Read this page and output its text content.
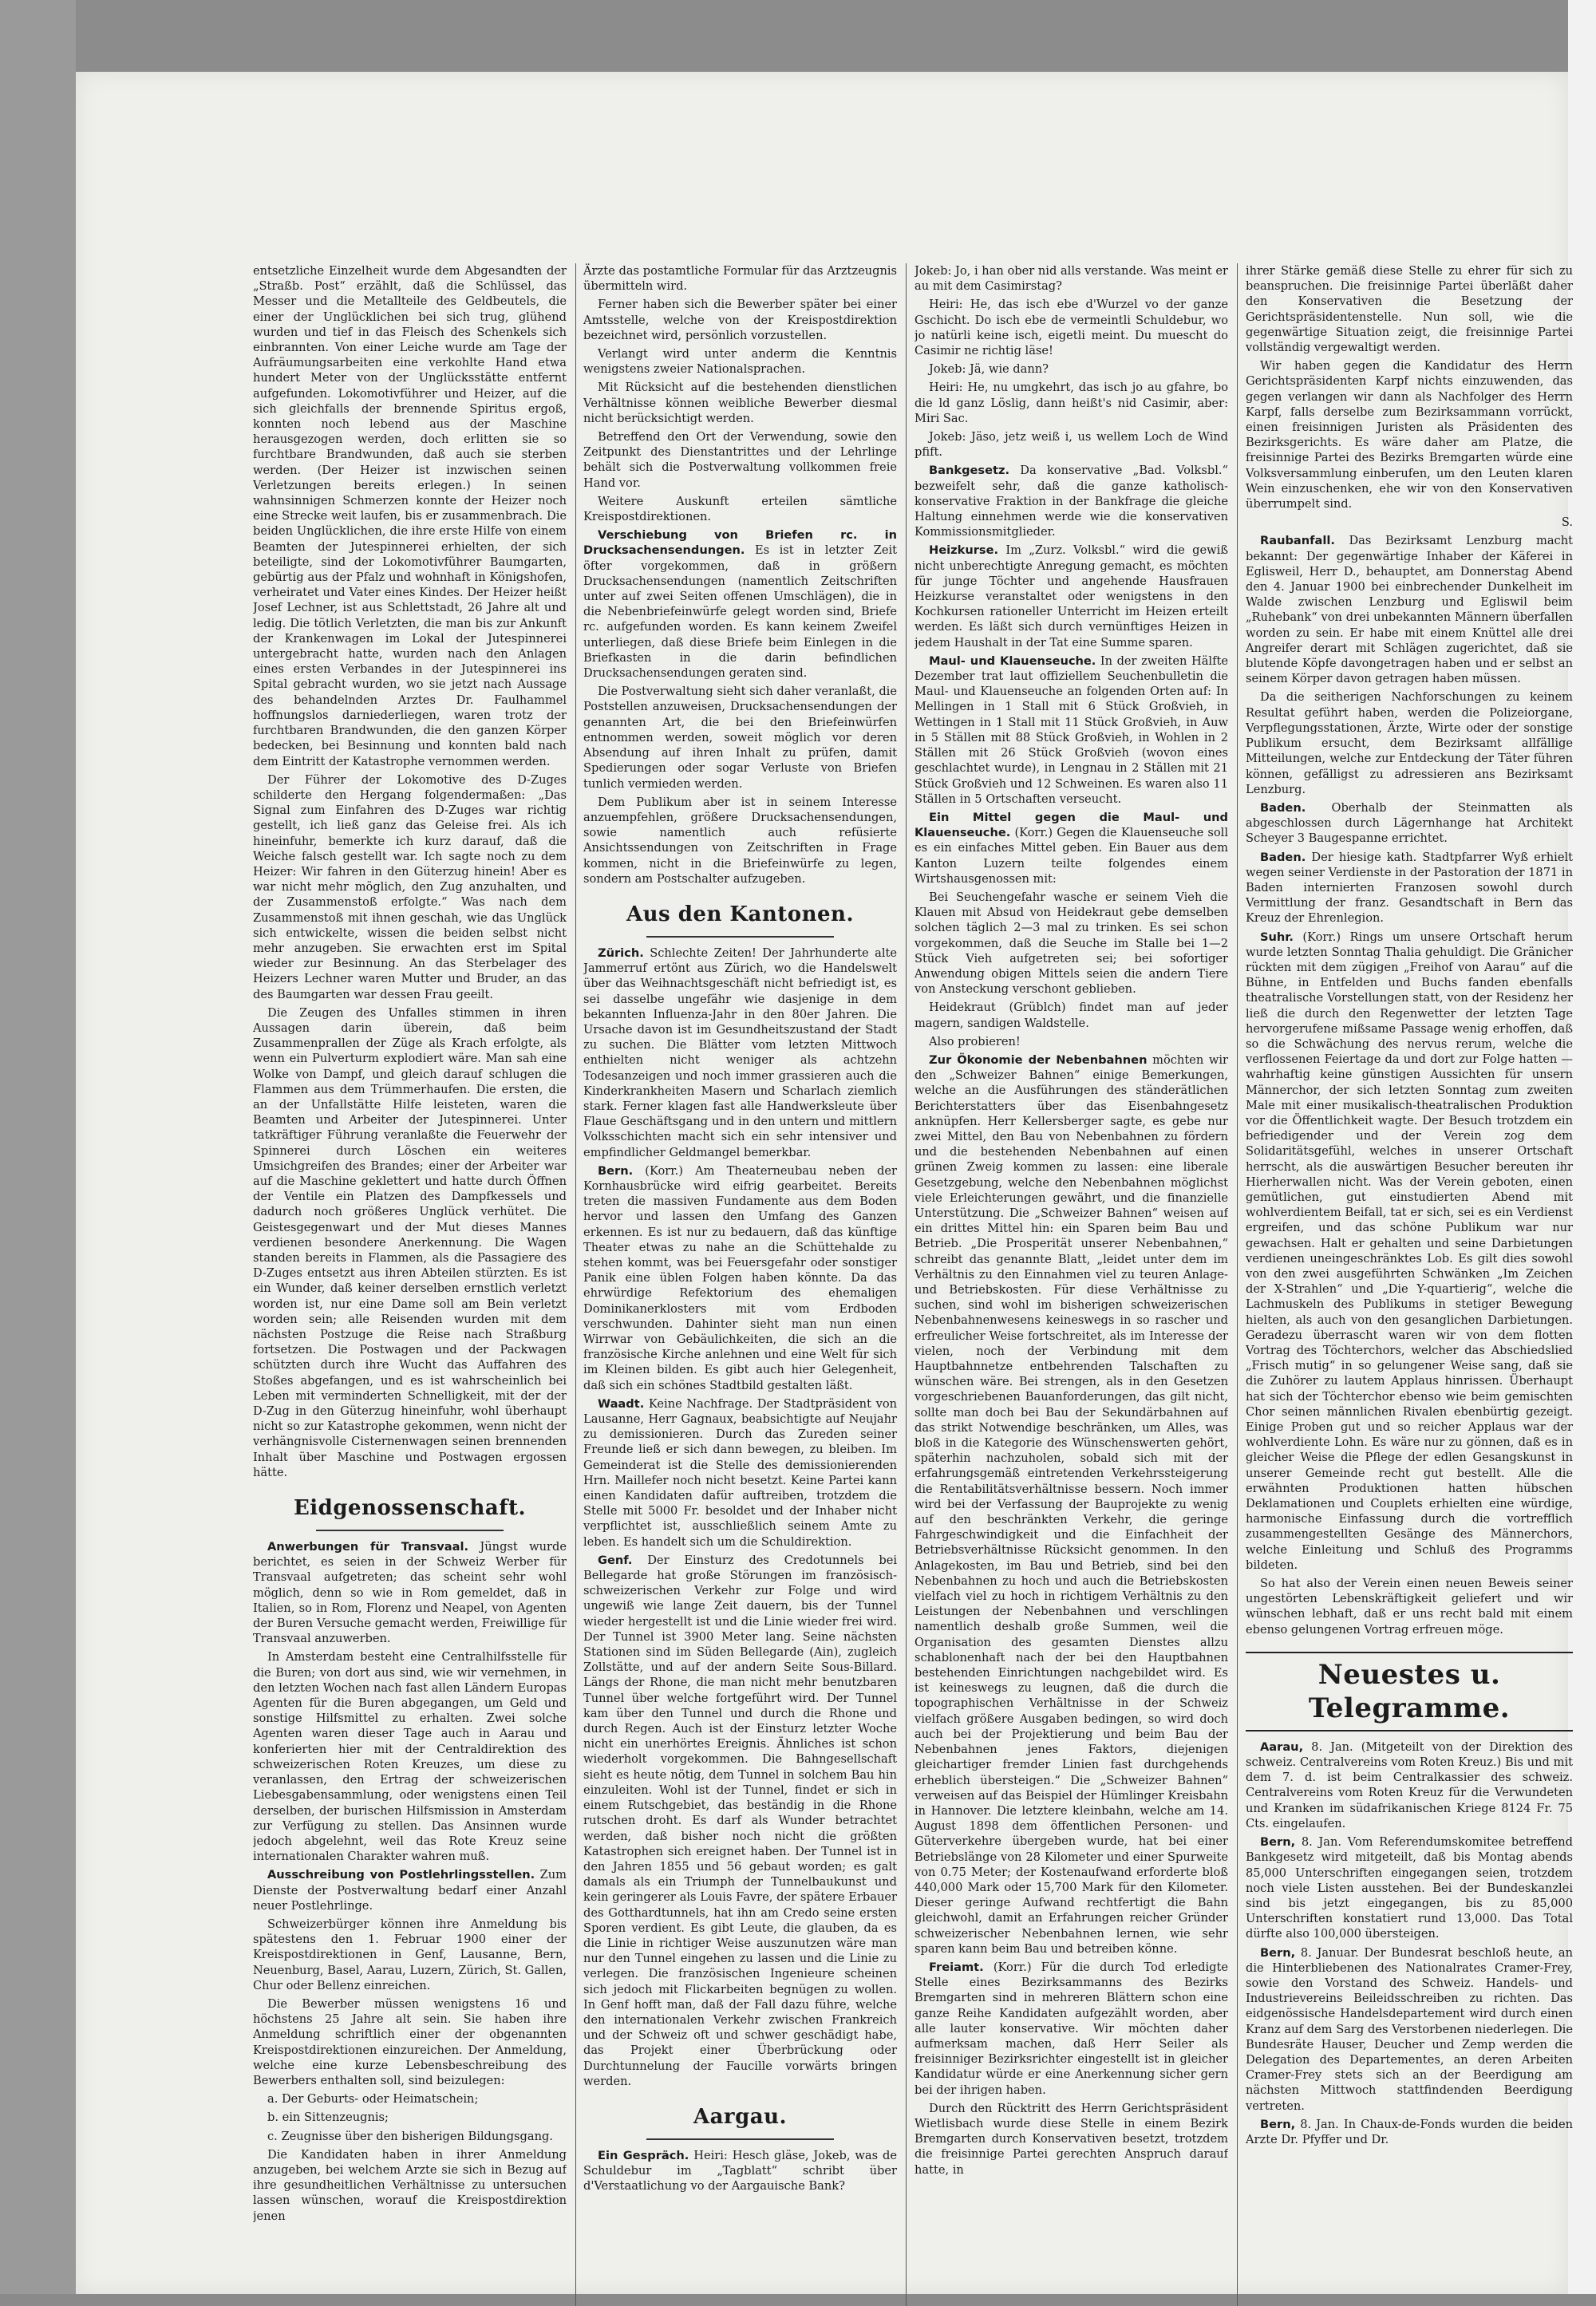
entsetzliche Einzelheit wurde dem Abgesandten der „Straßb. Post“ erzählt, daß die Schlüssel, das Messer und die Metallteile des Geldbeutels, die einer der Unglücklichen bei sich trug, glühend wurden und tief in das Fleisch des Schenkels sich einbrannten. Von einer Leiche wurde am Tage der Aufräumungsarbeiten eine verkohlte Hand etwa hundert Meter von der Unglücksstätte entfernt aufgefunden. Lokomotivführer und Heizer, auf die sich gleichfalls der brennende Spiritus ergoß, konnten noch lebend aus der Maschine herausgezogen werden, doch erlitten sie so furchtbare Brandwunden, daß auch sie sterben werden. (Der Heizer ist inzwischen seinen Verletzungen bereits erlegen.) In seinen wahnsinnigen Schmerzen konnte der Heizer noch eine Strecke weit laufen, bis er zusammenbrach. Die beiden Unglücklichen, die ihre erste Hilfe von einem Beamten der Jutespinnerei erhielten, der sich beteiligte, sind der Lokomotivführer Baumgarten, gebürtig aus der Pfalz und wohnhaft in Königshofen, verheiratet und Vater eines Kindes. Der Heizer heißt Josef Lechner, ist aus Schlettstadt, 26 Jahre alt und ledig. Die tötlich Verletzten, die man bis zur Ankunft der Krankenwagen im Lokal der Jutespinnerei untergebracht hatte, wurden nach den Anlagen eines ersten Verbandes in der Jutespinnerei ins Spital gebracht wurden, wo sie jetzt nach Aussage des behandelnden Arztes Dr. Faulhammel hoffnungslos darniederliegen, waren trotz der furchtbaren Brandwunden, die den ganzen Körper bedecken, bei Besinnung und konnten bald nach dem Eintritt der Katastrophe vernommen werden.

Der Führer der Lokomotive des D-Zuges schilderte den Hergang folgendermaßen: „Das Signal zum Einfahren des D-Zuges war richtig gestellt, ich ließ ganz das Geleise frei. Als ich hineinfuhr, bemerkte ich kurz darauf, daß die Weiche falsch gestellt war. Ich sagte noch zu dem Heizer: Wir fahren in den Güterzug hinein! Aber es war nicht mehr möglich, den Zug anzuhalten, und der Zusammenstoß erfolgte.“ Was nach dem Zusammenstoß mit ihnen geschah, wie das Unglück sich entwickelte, wissen die beiden selbst nicht mehr anzugeben. Sie erwachten erst im Spital wieder zur Besinnung. An das Sterbelager des Heizers Lechner waren Mutter und Bruder, an das des Baumgarten war dessen Frau geeilt.

Die Zeugen des Unfalles stimmen in ihren Aussagen darin überein, daß beim Zusammenprallen der Züge als Krach erfolgte, als wenn ein Pulverturm explodiert wäre. Man sah eine Wolke von Dampf, und gleich darauf schlugen die Flammen aus dem Trümmerhaufen. Die ersten, die an der Unfallstätte Hilfe leisteten, waren die Beamten und Arbeiter der Jutespinnerei. Unter tatkräftiger Führung veranlaßte die Feuerwehr der Spinnerei durch Löschen ein weiteres Umsichgreifen des Brandes; einer der Arbeiter war auf die Maschine geklettert und hatte durch Öffnen der Ventile ein Platzen des Dampfkessels und dadurch noch größeres Unglück verhütet. Die Geistesgegenwart und der Mut dieses Mannes verdienen besondere Anerkennung. Die Wagen standen bereits in Flammen, als die Passagiere des D-Zuges entsetzt aus ihren Abteilen stürzten. Es ist ein Wunder, daß keiner derselben ernstlich verletzt worden ist, nur eine Dame soll am Bein verletzt worden sein; alle Reisenden wurden mit dem nächsten Postzuge die Reise nach Straßburg fortsetzen. Die Postwagen und der Packwagen schützten durch ihre Wucht das Auffahren des Stoßes abgefangen, und es ist wahrscheinlich bei Leben mit verminderten Schnelligkeit, mit der der D-Zug in den Güterzug hineinfuhr, wohl überhaupt nicht so zur Katastrophe gekommen, wenn nicht der verhängnisvolle Cisternenwagen seinen brennenden Inhalt über Maschine und Postwagen ergossen hätte.

Eidgenossenschaft.

Anwerbungen für Transvaal. Jüngst wurde berichtet, es seien in der Schweiz Werber für Transvaal aufgetreten; das scheint sehr wohl möglich, denn so wie in Rom gemeldet, daß in Italien, so in Rom, Florenz und Neapel, von Agenten der Buren Versuche gemacht werden, Freiwillige für Transvaal anzuwerben.

In Amsterdam besteht eine Centralhilfsstelle für die Buren; von dort aus sind, wie wir vernehmen, in den letzten Wochen nach fast allen Ländern Europas Agenten für die Buren abgegangen, um Geld und sonstige Hilfsmittel zu erhalten. Zwei solche Agenten waren dieser Tage auch in Aarau und konferierten hier mit der Centraldirektion des schweizerischen Roten Kreuzes, um diese zu veranlassen, den Ertrag der schweizerischen Liebesgabensammlung, oder wenigstens einen Teil derselben, der burischen Hilfsmission in Amsterdam zur Verfügung zu stellen. Das Ansinnen wurde jedoch abgelehnt, weil das Rote Kreuz seine internationalen Charakter wahren muß.

Ausschreibung von Postlehrlingsstellen. Zum Dienste der Postverwaltung bedarf einer Anzahl neuer Postlehrlinge.

Schweizerbürger können ihre Anmeldung bis spätestens den 1. Februar 1900 einer der Kreispostdirektionen in Genf, Lausanne, Bern, Neuenburg, Basel, Aarau, Luzern, Zürich, St. Gallen, Chur oder Bellenz einreichen.

Die Bewerber müssen wenigstens 16 und höchstens 25 Jahre alt sein. Sie haben ihre Anmeldung schriftlich einer der obgenannten Kreispostdirektionen einzureichen. Der Anmeldung, welche eine kurze Lebensbeschreibung des Bewerbers enthalten soll, sind beizulegen:

a. Der Geburts- oder Heimatschein;

b. ein Sittenzeugnis;

c. Zeugnisse über den bisherigen Bildungsgang.

Die Kandidaten haben in ihrer Anmeldung anzugeben, bei welchem Arzte sie sich in Bezug auf ihre gesundheitlichen Verhältnisse zu untersuchen lassen wünschen, worauf die Kreispostdirektion jenen

Ärzte das postamtliche Formular für das Arztzeugnis übermitteln wird.

Ferner haben sich die Bewerber später bei einer Amtsstelle, welche von der Kreispostdirektion bezeichnet wird, persönlich vorzustellen.

Verlangt wird unter anderm die Kenntnis wenigstens zweier Nationalsprachen.

Mit Rücksicht auf die bestehenden dienstlichen Verhältnisse können weibliche Bewerber diesmal nicht berücksichtigt werden.

Betreffend den Ort der Verwendung, sowie den Zeitpunkt des Dienstantrittes und der Lehrlinge behält sich die Postverwaltung vollkommen freie Hand vor.

Weitere Auskunft erteilen sämtliche Kreispostdirektionen.

Verschiebung von Briefen rc. in Drucksachensendungen. Es ist in letzter Zeit öfter vorgekommen, daß in größern Drucksachensendungen (namentlich Zeitschriften unter auf zwei Seiten offenen Umschlägen), die in die Nebenbriefeinwürfe gelegt worden sind, Briefe rc. aufgefunden worden. Es kann keinem Zweifel unterliegen, daß diese Briefe beim Einlegen in die Briefkasten in die darin befindlichen Drucksachensendungen geraten sind.

Die Postverwaltung sieht sich daher veranlaßt, die Poststellen anzuweisen, Drucksachensendungen der genannten Art, die bei den Briefeinwürfen entnommen werden, soweit möglich vor deren Absendung auf ihren Inhalt zu prüfen, damit Spedierungen oder sogar Verluste von Briefen tunlich vermieden werden.

Dem Publikum aber ist in seinem Interesse anzuempfehlen, größere Drucksachensendungen, sowie namentlich auch refüsierte Ansichtssendungen von Zeitschriften in Frage kommen, nicht in die Briefeinwürfe zu legen, sondern am Postschalter aufzugeben.

Aus den Kantonen.

Zürich. Schlechte Zeiten! Der Jahrhunderte alte Jammerruf ertönt aus Zürich, wo die Handelswelt über das Weihnachtsgeschäft nicht befriedigt ist, es sei dasselbe ungefähr wie dasjenige in dem bekannten Influenza-Jahr in den 80er Jahren. Die Ursache davon ist im Gesundheitszustand der Stadt zu suchen. Die Blätter vom letzten Mittwoch enthielten nicht weniger als achtzehn Todesanzeigen und noch immer grassieren auch die Kinderkrankheiten Masern und Scharlach ziemlich stark. Ferner klagen fast alle Handwerksleute über Flaue Geschäftsgang und in den untern und mittlern Volksschichten macht sich ein sehr intensiver und empfindlicher Geldmangel bemerkbar.

Bern. (Korr.) Am Theaterneubau neben der Kornhausbrücke wird eifrig gearbeitet. Bereits treten die massiven Fundamente aus dem Boden hervor und lassen den Umfang des Ganzen erkennen. Es ist nur zu bedauern, daß das künftige Theater etwas zu nahe an die Schüttehalde zu stehen kommt, was bei Feuersgefahr oder sonstiger Panik eine üblen Folgen haben könnte. Da das ehrwürdige Refektorium des ehemaligen Dominikanerklosters mit vom Erdboden verschwunden. Dahinter sieht man nun einen Wirrwar von Gebäulichkeiten, die sich an die französische Kirche anlehnen und eine Welt für sich im Kleinen bilden. Es gibt auch hier Gelegenheit, daß sich ein schönes Stadtbild gestalten läßt.

Waadt. Keine Nachfrage. Der Stadtpräsident von Lausanne, Herr Gagnaux, beabsichtigte auf Neujahr zu demissionieren. Durch das Zureden seiner Freunde ließ er sich dann bewegen, zu bleiben. Im Gemeinderat ist die Stelle des demissionierenden Hrn. Maillefer noch nicht besetzt. Keine Partei kann einen Kandidaten dafür auftreiben, trotzdem die Stelle mit 5000 Fr. besoldet und der Inhaber nicht verpflichtet ist, ausschließlich seinem Amte zu leben. Es handelt sich um die Schuldirektion.

Genf. Der Einsturz des Credotunnels bei Bellegarde hat große Störungen im französisch-schweizerischen Verkehr zur Folge und wird ungewiß wie lange Zeit dauern, bis der Tunnel wieder hergestellt ist und die Linie wieder frei wird. Der Tunnel ist 3900 Meter lang. Seine nächsten Stationen sind im Süden Bellegarde (Ain), zugleich Zollstätte, und auf der andern Seite Sous-Billard. Längs der Rhone, die man nicht mehr benutzbaren Tunnel über welche fortgeführt wird. Der Tunnel kam über den Tunnel und durch die Rhone und durch Regen. Auch ist der Einsturz letzter Woche nicht ein unerhörtes Ereignis. Ähnliches ist schon wiederholt vorgekommen. Die Bahngesellschaft sieht es heute nötig, dem Tunnel in solchem Bau hin einzuleiten. Wohl ist der Tunnel, findet er sich in einem Rutschgebiet, das beständig in die Rhone rutschen droht. Es darf als Wunder betrachtet werden, daß bisher noch nicht die größten Katastrophen sich ereignet haben. Der Tunnel ist in den Jahren 1855 und 56 gebaut worden; es galt damals als ein Triumph der Tunnelbaukunst und kein geringerer als Louis Favre, der spätere Erbauer des Gotthardtunnels, hat ihn am Credo seine ersten Sporen verdient. Es gibt Leute, die glauben, da es die Linie in richtiger Weise auszunutzen wäre man nur den Tunnel eingehen zu lassen und die Linie zu verlegen. Die französischen Ingenieure scheinen sich jedoch mit Flickarbeiten begnügen zu wollen. In Genf hofft man, daß der Fall dazu führe, welche den internationalen Verkehr zwischen Frankreich und der Schweiz oft und schwer geschädigt habe, das Projekt einer Überbrückung oder Durchtunnelung der Faucille vorwärts bringen werden.

Aargau.

Ein Gespräch. Heiri: Hesch gläse, Jokeb, was de Schuldebur im „Tagblatt“ schribt über d'Verstaatlichung vo der Aargauische Bank?

Jokeb: Jo, i han ober nid alls verstande. Was meint er au mit dem Casimirstag?

Heiri: He, das isch ebe d'Wurzel vo der ganze Gschicht. Do isch ebe de vermeintli Schuldebur, wo jo natürli keine isch, eigetli meint. Du muescht do Casimir ne richtig läse!

Jokeb: Jä, wie dann?

Heiri: He, nu umgkehrt, das isch jo au gfahre, bo die ld ganz Löslig, dann heißt's nid Casimir, aber: Miri Sac.

Jokeb: Jäso, jetz weiß i, us wellem Loch de Wind pfift.

Bankgesetz. Da konservative „Bad. Volksbl.“ bezweifelt sehr, daß die ganze katholisch-konservative Fraktion in der Bankfrage die gleiche Haltung einnehmen werde wie die konservativen Kommissionsmitglieder.

Heizkurse. Im „Zurz. Volksbl.“ wird die gewiß nicht unberechtigte Anregung gemacht, es möchten für junge Töchter und angehende Hausfrauen Heizkurse veranstaltet oder wenigstens in den Kochkursen rationeller Unterricht im Heizen erteilt werden. Es läßt sich durch vernünftiges Heizen in jedem Haushalt in der Tat eine Summe sparen.

Maul- und Klauenseuche. In der zweiten Hälfte Dezember trat laut offiziellem Seuchenbulletin die Maul- und Klauenseuche an folgenden Orten auf: In Mellingen in 1 Stall mit 6 Stück Großvieh, in Wettingen in 1 Stall mit 11 Stück Großvieh, in Auw in 5 Ställen mit 88 Stück Großvieh, in Wohlen in 2 Ställen mit 26 Stück Großvieh (wovon eines geschlachtet wurde), in Lengnau in 2 Ställen mit 21 Stück Großvieh und 12 Schweinen. Es waren also 11 Ställen in 5 Ortschaften verseucht.

Ein Mittel gegen die Maul- und Klauenseuche. (Korr.) Gegen die Klauenseuche soll es ein einfaches Mittel geben. Ein Bauer aus dem Kanton Luzern teilte folgendes einem Wirtshausgenossen mit:

Bei Seuchengefahr wasche er seinem Vieh die Klauen mit Absud von Heidekraut gebe demselben solchen täglich 2—3 mal zu trinken. Es sei schon vorgekommen, daß die Seuche im Stalle bei 1—2 Stück Vieh aufgetreten sei; bei sofortiger Anwendung obigen Mittels seien die andern Tiere von Ansteckung verschont geblieben.

Heidekraut (Grüblch) findet man auf jeder magern, sandigen Waldstelle.

Also probieren!

Zur Ökonomie der Nebenbahnen möchten wir den „Schweizer Bahnen“ einige Bemerkungen, welche an die Ausführungen des ständerätlichen Berichterstatters über das Eisenbahngesetz anknüpfen. Herr Kellersberger sagte, es gebe nur zwei Mittel, den Bau von Nebenbahnen zu fördern und die bestehenden Nebenbahnen auf einen grünen Zweig kommen zu lassen: eine liberale Gesetzgebung, welche den Nebenbahnen möglichst viele Erleichterungen gewährt, und die finanzielle Unterstützung. Die „Schweizer Bahnen“ weisen auf ein drittes Mittel hin: ein Sparen beim Bau und Betrieb. „Die Prosperität unserer Nebenbahnen,“ schreibt das genannte Blatt, „leidet unter dem im Verhältnis zu den Einnahmen viel zu teuren Anlage- und Betriebskosten. Für diese Verhältnisse zu suchen, sind wohl im bisherigen schweizerischen Nebenbahnenwesens keineswegs in so rascher und erfreulicher Weise fortschreitet, als im Interesse der vielen, noch der Verbindung mit dem Hauptbahnnetze entbehrenden Talschaften zu wünschen wäre. Bei strengen, als in den Gesetzen vorgeschriebenen Bauanforderungen, das gilt nicht, sollte man doch bei Bau der Sekundärbahnen auf das strikt Notwendige beschränken, um Alles, was bloß in die Kategorie des Wünschenswerten gehört, späterhin nachzuholen, sobald sich mit der erfahrungsgemäß eintretenden Verkehrssteigerung die Rentabilitätsverhältnisse bessern. Noch immer wird bei der Verfassung der Bauprojekte zu wenig auf den beschränkten Verkehr, die geringe Fahrgeschwindigkeit und die Einfachheit der Betriebsverhältnisse Rücksicht genommen. In den Anlagekosten, im Bau und Betrieb, sind bei den Nebenbahnen zu hoch und auch die Betriebskosten vielfach viel zu hoch in richtigem Verhältnis zu den Leistungen der Nebenbahnen und verschlingen namentlich deshalb große Summen, weil die Organisation des gesamten Dienstes allzu schablonenhaft nach der bei den Hauptbahnen bestehenden Einrichtungen nachgebildet wird. Es ist keineswegs zu leugnen, daß die durch die topographischen Verhältnisse in der Schweiz vielfach größere Ausgaben bedingen, so wird doch auch bei der Projektierung und beim Bau der Nebenbahnen jenes Faktors, diejenigen gleichartiger fremder Linien fast durchgehends erheblich übersteigen.“ Die „Schweizer Bahnen“ verweisen auf das Beispiel der Hümlinger Kreisbahn in Hannover. Die letztere kleinbahn, welche am 14. August 1898 dem öffentlichen Personen- und Güterverkehre übergeben wurde, hat bei einer Betriebslänge von 28 Kilometer und einer Spurweite von 0.75 Meter; der Kostenaufwand erforderte bloß 440,000 Mark oder 15,700 Mark für den Kilometer. Dieser geringe Aufwand rechtfertigt die Bahn gleichwohl, damit an Erfahrungen reicher Gründer schweizerischer Nebenbahnen lernen, wie sehr sparen kann beim Bau und betreiben könne.

Freiamt. (Korr.) Für die durch Tod erledigte Stelle eines Bezirksammanns des Bezirks Bremgarten sind in mehreren Blättern schon eine ganze Reihe Kandidaten aufgezählt worden, aber alle lauter konservative. Wir möchten daher aufmerksam machen, daß Herr Seiler als freisinniger Bezirksrichter eingestellt ist in gleicher Kandidatur würde er eine Anerkennung sicher gern bei der ihrigen haben.

Durch den Rücktritt des Herrn Gerichtspräsident Wietlisbach wurde diese Stelle in einem Bezirk Bremgarten durch Konservativen besetzt, trotzdem die freisinnige Partei gerechten Anspruch darauf hatte, in

ihrer Stärke gemäß diese Stelle zu ehrer für sich zu beanspruchen. Die freisinnige Partei überläßt daher den Konservativen die Besetzung der Gerichtspräsidentenstelle. Nun soll, wie die gegenwärtige Situation zeigt, die freisinnige Partei vollständig vergewaltigt werden.

Wir haben gegen die Kandidatur des Herrn Gerichtspräsidenten Karpf nichts einzuwenden, das gegen verlangen wir dann als Nachfolger des Herrn Karpf, falls derselbe zum Bezirksammann vorrückt, einen freisinnigen Juristen als Präsidenten des Bezirksgerichts. Es wäre daher am Platze, die freisinnige Partei des Bezirks Bremgarten würde eine Volksversammlung einberufen, um den Leuten klaren Wein einzuschenken, ehe wir von den Konservativen überrumpelt sind.

S.

Raubanfall. Das Bezirksamt Lenzburg macht bekannt: Der gegenwärtige Inhaber der Käferei in Eglisweil, Herr D., behauptet, am Donnerstag Abend den 4. Januar 1900 bei einbrechender Dunkelheit im Walde zwischen Lenzburg und Egliswil beim „Ruhebank“ von drei unbekannten Männern überfallen worden zu sein. Er habe mit einem Knüttel alle drei Angreifer derart mit Schlägen zugerichtet, daß sie blutende Köpfe davongetragen haben und er selbst an seinem Körper davon getragen haben müssen.

Da die seitherigen Nachforschungen zu keinem Resultat geführt haben, werden die Polizeiorgane, Verpflegungsstationen, Ärzte, Wirte oder der sonstige Publikum ersucht, dem Bezirksamt allfällige Mitteilungen, welche zur Entdeckung der Täter führen können, gefälligst zu adressieren ans Bezirksamt Lenzburg.

Baden. Oberhalb der Steinmatten als abgeschlossen durch Lägernhange hat Architekt Scheyer 3 Baugespanne errichtet.

Baden. Der hiesige kath. Stadtpfarrer Wyß erhielt wegen seiner Verdienste in der Pastoration der 1871 in Baden internierten Franzosen sowohl durch Vermittlung der franz. Gesandtschaft in Bern das Kreuz der Ehrenlegion.

Suhr. (Korr.) Rings um unsere Ortschaft herum wurde letzten Sonntag Thalia gehuldigt. Die Gränicher rückten mit dem zügigen „Freihof von Aarau“ auf die Bühne, in Entfelden und Buchs fanden ebenfalls theatralische Vorstellungen statt, von der Residenz her ließ die durch den Regenwetter der letzten Tage hervorgerufene mißsame Passage wenig erhoffen, daß so die Schwächung des nervus rerum, welche die verflossenen Feiertage da und dort zur Folge hatten — wahrhaftig keine günstigen Aussichten für unsern Männerchor, der sich letzten Sonntag zum zweiten Male mit einer musikalisch-theatralischen Produktion vor die Öffentlichkeit wagte. Der Besuch trotzdem ein befriedigender und der Verein zog dem Solidaritätsgefühl, welches in unserer Ortschaft herrscht, als die auswärtigen Besucher bereuten ihr Hierherwallen nicht. Was der Verein geboten, einen gemütlichen, gut einstudierten Abend mit wohlverdientem Beifall, tat er sich, sei es ein Verdienst ergreifen, und das schöne Publikum war nur gewachsen. Halt er gehalten und seine Darbietungen verdienen uneingeschränktes Lob. Es gilt dies sowohl von den zwei ausgeführten Schwänken „Im Zeichen der X-Strahlen“ und „Die Y-quartierig“, welche die Lachmuskeln des Publikums in stetiger Bewegung hielten, als auch von den gesanglichen Darbietungen. Geradezu überrascht waren wir von dem flotten Vortrag des Töchterchors, welcher das Abschiedslied „Frisch mutig“ in so gelungener Weise sang, daß sie die Zuhörer zu lautem Applaus hinrissen. Überhaupt hat sich der Töchterchor ebenso wie beim gemischten Chor seinen männlichen Rivalen ebenbürtig gezeigt. Einige Proben gut und so reicher Applaus war der wohlverdiente Lohn. Es wäre nur zu gönnen, daß es in gleicher Weise die Pflege der edlen Gesangskunst in unserer Gemeinde recht gut bestellt. Alle die erwähnten Produktionen hatten hübschen Deklamationen und Couplets erhielten eine würdige, harmonische Einfassung durch die vortrefflich zusammengestellten Gesänge des Männerchors, welche Einleitung und Schluß des Programms bildeten.

So hat also der Verein einen neuen Beweis seiner ungestörten Lebenskräftigkeit geliefert und wir wünschen lebhaft, daß er uns recht bald mit einem ebenso gelungenen Vortrag erfreuen möge.

Neuestes u. Telegramme.

Aarau, 8. Jan. (Mitgeteilt von der Direktion des schweiz. Centralvereins vom Roten Kreuz.) Bis und mit dem 7. d. ist beim Centralkassier des schweiz. Centralvereins vom Roten Kreuz für die Verwundeten und Kranken im südafrikanischen Kriege 8124 Fr. 75 Cts. eingelaufen.

Bern, 8. Jan. Vom Referendumskomitee betreffend Bankgesetz wird mitgeteilt, daß bis Montag abends 85,000 Unterschriften eingegangen seien, trotzdem noch viele Listen ausstehen. Bei der Bundeskanzlei sind bis jetzt eingegangen, bis zu 85,000 Unterschriften konstatiert rund 13,000. Das Total dürfte also 100,000 übersteigen.

Bern, 8. Januar. Der Bundesrat beschloß heute, an die Hinterbliebenen des Nationalrates Cramer-Frey, sowie den Vorstand des Schweiz. Handels- und Industrievereins Beileidsschreiben zu richten. Das eidgenössische Handelsdepartement wird durch einen Kranz auf dem Sarg des Verstorbenen niederlegen. Die Bundesräte Hauser, Deucher und Zemp werden die Delegation des Departementes, an deren Arbeiten Cramer-Frey stets sich an der Beerdigung am nächsten Mittwoch stattfindenden Beerdigung vertreten.

Bern, 8. Jan. In Chaux-de-Fonds wurden die beiden Arzte Dr. Pfyffer und Dr.
